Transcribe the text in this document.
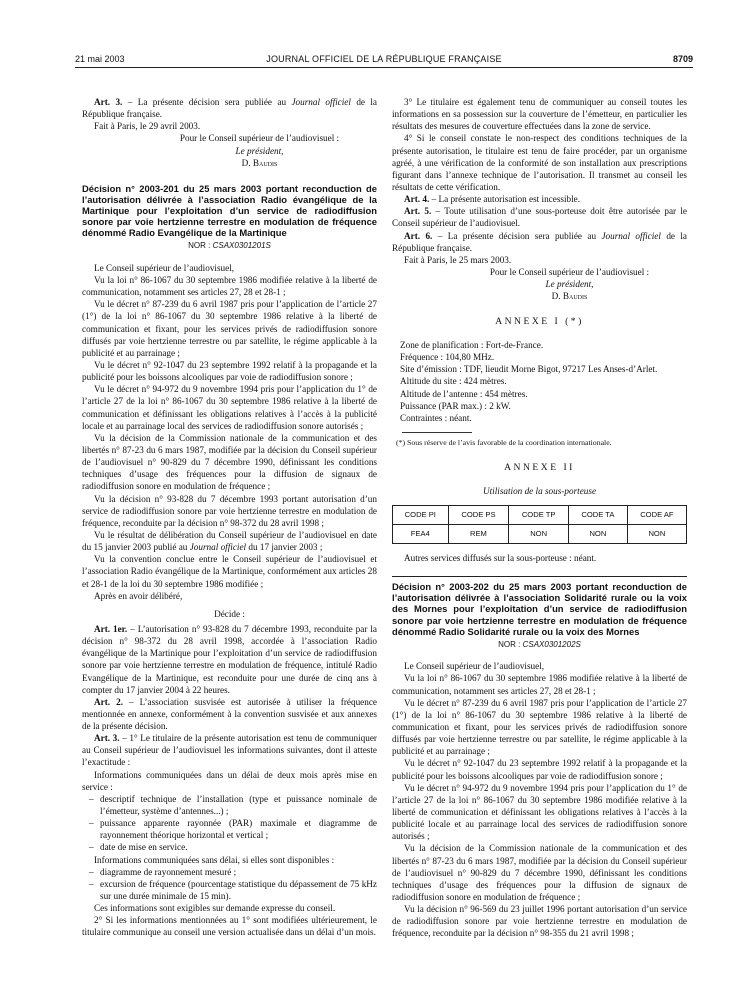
21 mai 2003	JOURNAL OFFICIEL DE LA RÉPUBLIQUE FRANÇAISE	8709

Art. 3. – La présente décision sera publiée au Journal officiel de la République française.

Fait à Paris, le 29 avril 2003.

Pour le Conseil supérieur de l’audiovisuel :

Le président,

D. Baudis

Décision n° 2003-201 du 25 mars 2003 portant reconduction de l’autorisation délivrée à l’association Radio évangélique de la Martinique pour l’exploitation d’un service de radiodiffusion sonore par voie hertzienne terrestre en modulation de fréquence dénommé Radio Evangélique de la Martinique

NOR : CSAX0301201S

Le Conseil supérieur de l’audiovisuel,

Vu la loi n° 86-1067 du 30 septembre 1986 modifiée relative à la liberté de communication, notamment ses articles 27, 28 et 28-1 ;

Vu le décret n° 87-239 du 6 avril 1987 pris pour l’application de l’article 27 (1°) de la loi n° 86-1067 du 30 septembre 1986 relative à la liberté de communication et fixant, pour les services privés de radiodiffusion sonore diffusés par voie hertzienne terrestre ou par satellite, le régime applicable à la publicité et au parrainage ;

Vu le décret n° 92-1047 du 23 septembre 1992 relatif à la propagande et la publicité pour les boissons alcooliques par voie de radiodiffusion sonore ;

Vu le décret n° 94-972 du 9 novembre 1994 pris pour l’application du 1° de l’article 27 de la loi n° 86-1067 du 30 septembre 1986 relative à la liberté de communication et définissant les obligations relatives à l’accès à la publicité locale et au parrainage local des services de radiodiffusion sonore autorisés ;

Vu la décision de la Commission nationale de la communication et des libertés n° 87-23 du 6 mars 1987, modifiée par la décision du Conseil supérieur de l’audiovisuel n° 90-829 du 7 décembre 1990, définissant les conditions techniques d’usage des fréquences pour la diffusion de signaux de radiodiffusion sonore en modulation de fréquence ;

Vu la décision n° 93-828 du 7 décembre 1993 portant autorisation d’un service de radiodiffusion sonore par voie hertzienne terrestre en modulation de fréquence, reconduite par la décision n° 98-372 du 28 avril 1998 ;

Vu le résultat de délibération du Conseil supérieur de l’audiovisuel en date du 15 janvier 2003 publié au Journal officiel du 17 janvier 2003 ;

Vu la convention conclue entre le Conseil supérieur de l’audiovisuel et l’association Radio évangélique de la Martinique, conformément aux articles 28 et 28-1 de la loi du 30 septembre 1986 modifiée ;

Après en avoir délibéré,

Décide :

Art. 1er. – L’autorisation n° 93-828 du 7 décembre 1993, reconduite par la décision n° 98-372 du 28 avril 1998, accordée à l’association Radio évangélique de la Martinique pour l’exploitation d’un service de radiodiffusion sonore par voie hertzienne terrestre en modulation de fréquence, intitulé Radio Evangélique de la Martinique, est reconduite pour une durée de cinq ans à compter du 17 janvier 2004 à 22 heures.

Art. 2. – L’association susvisée est autorisée à utiliser la fréquence mentionnée en annexe, conformément à la convention susvisée et aux annexes de la présente décision.

Art. 3. – 1° Le titulaire de la présente autorisation est tenu de communiquer au Conseil supérieur de l’audiovisuel les informations suivantes, dont il atteste l’exactitude :

Informations communiquées dans un délai de deux mois après mise en service :

– descriptif technique de l’installation (type et puissance nominale de l’émetteur, système d’antennes...) ;

– puissance apparente rayonnée (PAR) maximale et diagramme de rayonnement théorique horizontal et vertical ;

– date de mise en service.

Informations communiquées sans délai, si elles sont disponibles :

– diagramme de rayonnement mesuré ;

– excursion de fréquence (pourcentage statistique du dépassement de 75 kHz sur une durée minimale de 15 min).

Ces informations sont exigibles sur demande expresse du conseil.

2° Si les informations mentionnées au 1° sont modifiées ultérieurement, le titulaire communique au conseil une version actualisée dans un délai d’un mois.

3° Le titulaire est également tenu de communiquer au conseil toutes les informations en sa possession sur la couverture de l’émetteur, en particulier les résultats des mesures de couverture effectuées dans la zone de service.

4° Si le conseil constate le non-respect des conditions techniques de la présente autorisation, le titulaire est tenu de faire procéder, par un organisme agréé, à une vérification de la conformité de son installation aux prescriptions figurant dans l’annexe technique de l’autorisation. Il transmet au conseil les résultats de cette vérification.

Art. 4. – La présente autorisation est incessible.

Art. 5. – Toute utilisation d’une sous-porteuse doit être autorisée par le Conseil supérieur de l’audiovisuel.

Art. 6. – La présente décision sera publiée au Journal officiel de la République française.

Fait à Paris, le 25 mars 2003.

Pour le Conseil supérieur de l’audiovisuel :

Le président,

D. Baudis

ANNEXE I (*)

Zone de planification : Fort-de-France.

Fréquence : 104,80 MHz.

Site d’émission : TDF, lieudit Morne Bigot, 97217 Les Anses-d’Arlet.

Altitude du site : 424 mètres.

Altitude de l’antenne : 454 mètres.

Puissance (PAR max.) : 2 kW.

Contraintes : néant.

(*) Sous réserve de l’avis favorable de la coordination internationale.

ANNEXE II

Utilisation de la sous-porteuse

CODE PI	CODE PS	CODE TP	CODE TA	CODE AF
FEA4	REM	NON	NON	NON

Autres services diffusés sur la sous-porteuse : néant.

Décision n° 2003-202 du 25 mars 2003 portant reconduction de l’autorisation délivrée à l’association Solidarité rurale ou la voix des Mornes pour l’exploitation d’un service de radiodiffusion sonore par voie hertzienne terrestre en modulation de fréquence dénommé Radio Solidarité rurale ou la voix des Mornes

NOR : CSAX0301202S

Le Conseil supérieur de l’audiovisuel,

Vu la loi n° 86-1067 du 30 septembre 1986 modifiée relative à la liberté de communication, notamment ses articles 27, 28 et 28-1 ;

Vu le décret n° 87-239 du 6 avril 1987 pris pour l’application de l’article 27 (1°) de la loi n° 86-1067 du 30 septembre 1986 relative à la liberté de communication et fixant, pour les services privés de radiodiffusion sonore diffusés par voie hertzienne terrestre ou par satellite, le régime applicable à la publicité et au parrainage ;

Vu le décret n° 92-1047 du 23 septembre 1992 relatif à la propagande et la publicité pour les boissons alcooliques par voie de radiodiffusion sonore ;

Vu le décret n° 94-972 du 9 novembre 1994 pris pour l’application du 1° de l’article 27 de la loi n° 86-1067 du 30 septembre 1986 modifiée relative à la liberté de communication et définissant les obligations relatives à l’accès à la publicité locale et au parrainage local des services de radiodiffusion sonore autorisés ;

Vu la décision de la Commission nationale de la communication et des libertés n° 87-23 du 6 mars 1987, modifiée par la décision du Conseil supérieur de l’audiovisuel n° 90-829 du 7 décembre 1990, définissant les conditions techniques d’usage des fréquences pour la diffusion de signaux de radiodiffusion sonore en modulation de fréquence ;

Vu la décision n° 96-569 du 23 juillet 1996 portant autorisation d’un service de radiodiffusion sonore par voie hertzienne terrestre en modulation de fréquence, reconduite par la décision n° 98-355 du 21 avril 1998 ;
